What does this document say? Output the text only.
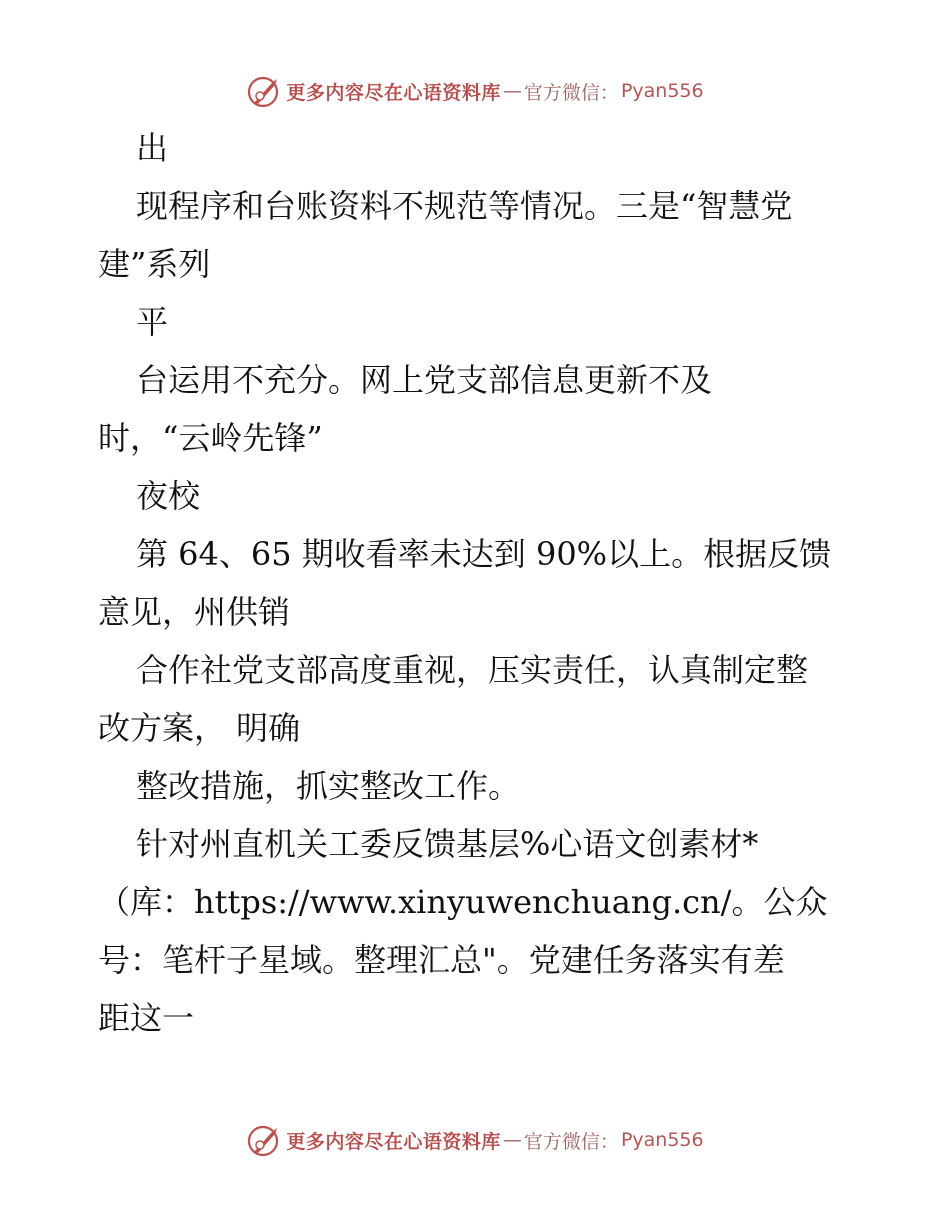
更多内容尽在心语资料库 — 官方微信： Pyan556
出
现程序和台账资料不规范等情况。三是“智慧党
建”系列
平
台运用不充分。网上党支部信息更新不及
时，“云岭先锋”
夜校
第 64、65 期收看率未达到 90%以上。根据反馈
意见，州供销
合作社党支部高度重视，压实责任，认真制定整
改方案， 明确
整改措施，抓实整改工作。
针对州直机关工委反馈基层%心语文创素材*
（库：https://www.xinyuwenchuang.cn/。公众
号：笔杆子星域。整理汇总"。党建任务落实有差
距这一
更多内容尽在心语资料库 — 官方微信： Pyan556
